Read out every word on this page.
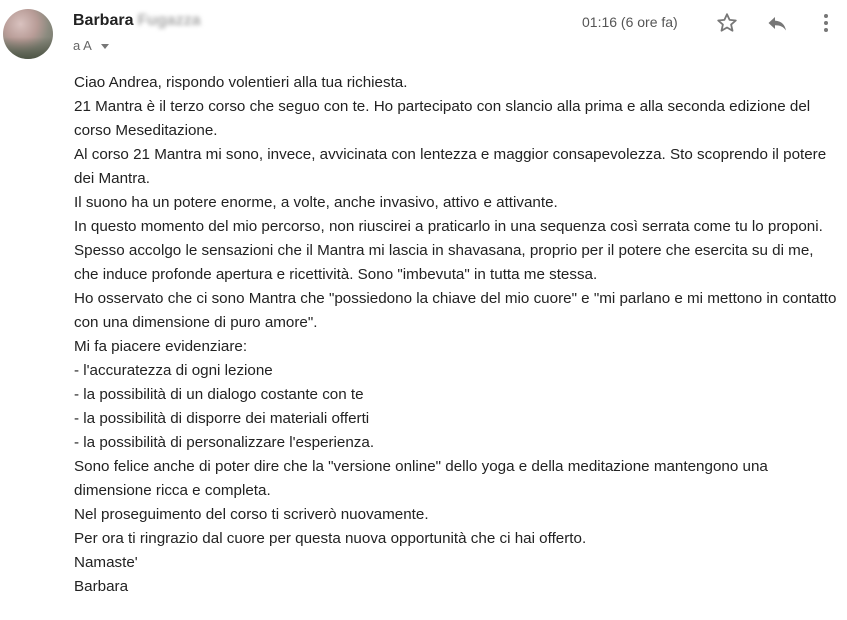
Barbara Fugazza
a A
01:16 (6 ore fa)

Ciao Andrea, rispondo volentieri alla tua richiesta.

21 Mantra è il terzo corso che seguo con te. Ho partecipato con slancio alla prima e alla seconda edizione del corso Meseditazione.

Al corso 21 Mantra mi sono, invece, avvicinata con lentezza e maggior consapevolezza. Sto scoprendo il potere dei Mantra.

Il suono ha un potere enorme, a volte, anche invasivo, attivo e attivante.

In questo momento del mio percorso, non riuscirei a praticarlo in una sequenza così serrata come tu lo proponi.

Spesso accolgo le sensazioni che il Mantra mi lascia in shavasana, proprio per il potere che esercita su di me, che induce profonde apertura e ricettività. Sono "imbevuta" in tutta me stessa.

Ho osservato che ci sono Mantra che "possiedono la chiave del mio cuore" e "mi parlano e mi mettono in contatto con una dimensione di puro amore".

Mi fa piacere evidenziare:

- l'accuratezza di ogni lezione

- la possibilità di un dialogo costante con te

- la possibilità di disporre dei materiali offerti

- la possibilità di personalizzare l'esperienza.

Sono felice anche di poter dire che la "versione online" dello yoga e della meditazione mantengono una dimensione ricca e completa.

Nel proseguimento del corso ti scriverò nuovamente.

Per ora ti ringrazio dal cuore per questa nuova opportunità che ci hai offerto.

Namaste'

Barbara
